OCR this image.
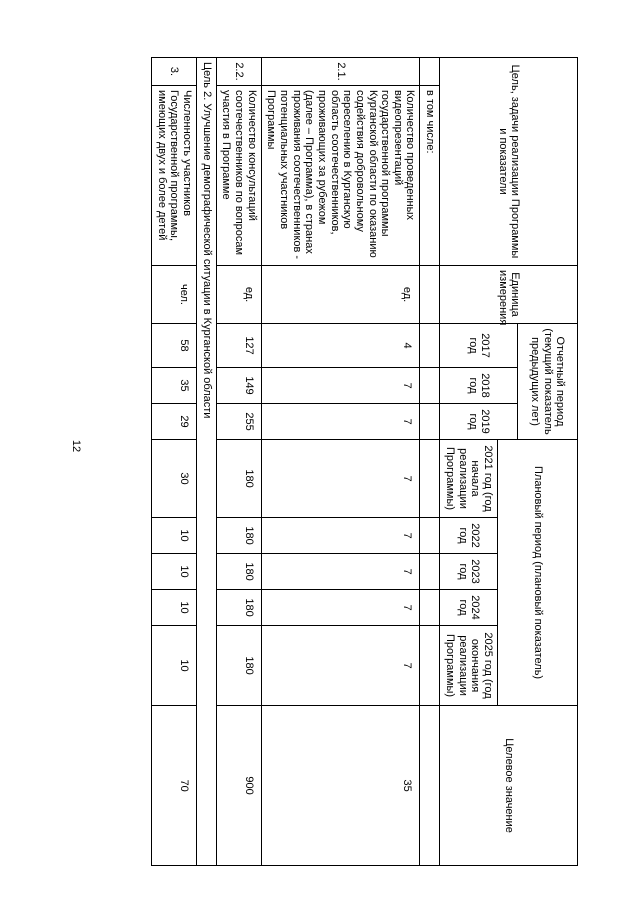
12
Цель, задачи реализации Программы и показатели		Единица измерения	Отчетный период (текущий показатель предыдущих лет)			Плановый период (плановый показатель)					Целевое значение
			2017 год	2018 год	2019 год						
						2021 год (год начала реализации Программы)	2022 год	2023 год	2024 год	2025 год (год окончания реализации Программы)	
	в том числе:										
2.1.	Количество проведенных видеопрезентаций государственной программы Курганской области по оказанию содействия добровольному переселению в Курганскую область соотечественников, проживающих за рубежом (далее – Программа), в странах проживания соотечественников - потенциальных участников Программы	ед.	4	7	7	7	7	7	7	7	35
2.2.	Количество консультаций соотечественников по вопросам участия в Программе	ед.	127	149	255	180	180	180	180	180	900
Цель 2. Улучшение демографической ситуации в Курганской области											
3.	Численность участников Государственной программы, имеющих двух и более детей	чел.	58	35	29	30	10	10	10	10	70
